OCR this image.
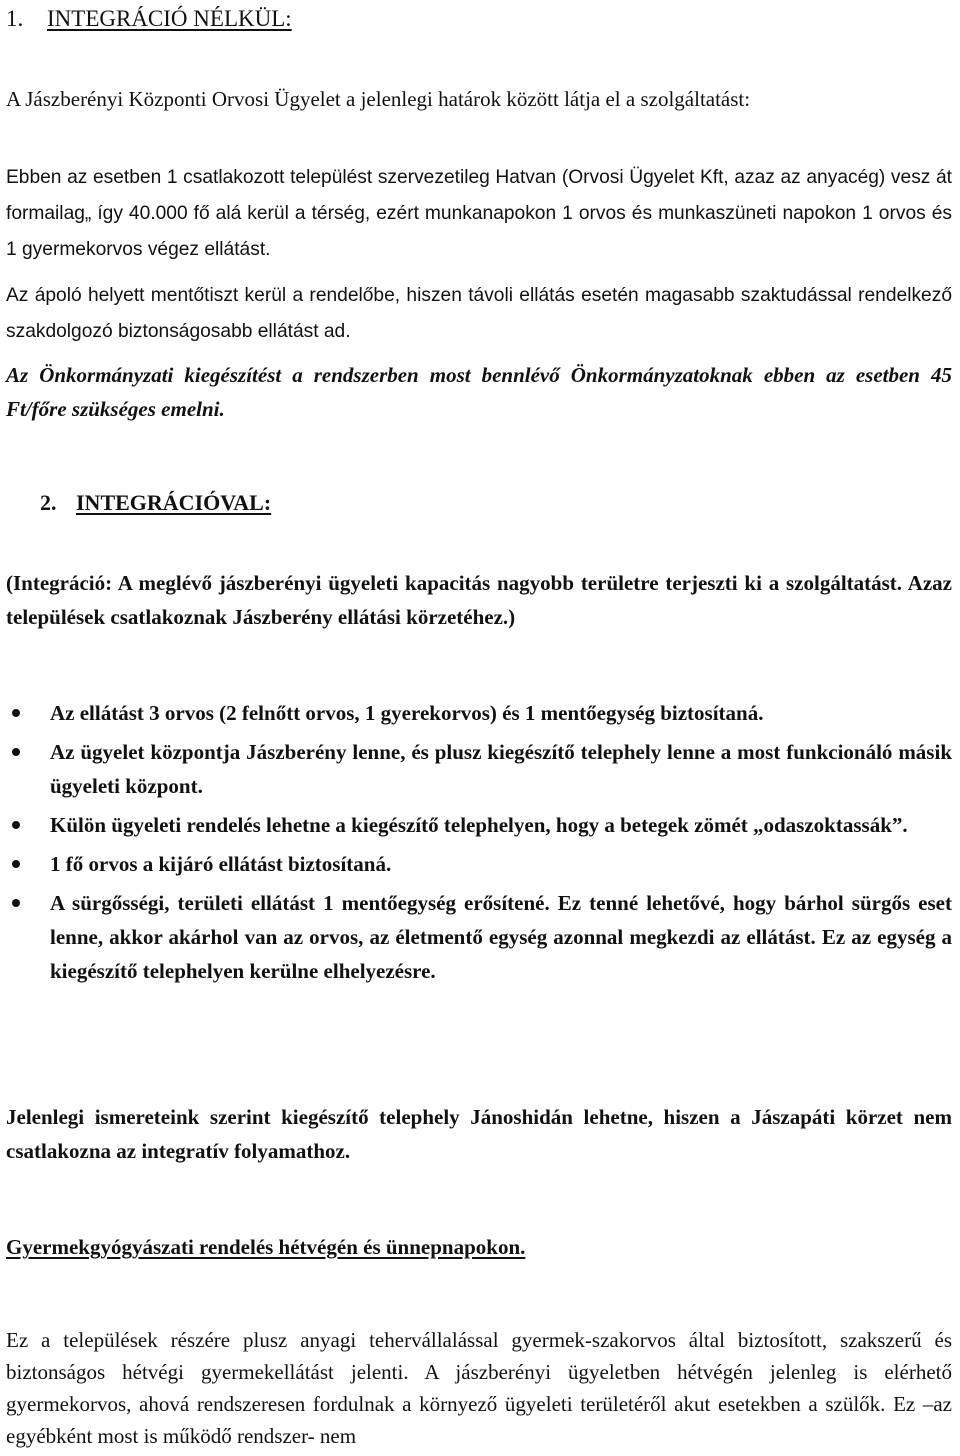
1. INTEGRÁCIÓ NÉLKÜL:

A Jászberényi Központi Orvosi Ügyelet a jelenlegi határok között látja el a szolgáltatást:

Ebben az esetben 1 csatlakozott települést szervezetileg Hatvan (Orvosi Ügyelet Kft, azaz az anyacég) vesz át formailag„ így 40.000 fő alá kerül a térség, ezért munkanapokon 1 orvos és munkaszüneti napokon 1 orvos és 1 gyermekorvos végez ellátást.

Az ápoló helyett mentőtiszt kerül a rendelőbe, hiszen távoli ellátás esetén magasabb szaktudással rendelkező szakdolgozó biztonságosabb ellátást ad.

Az Önkormányzati kiegészítést a rendszerben most bennlévő Önkormányzatoknak ebben az esetben 45 Ft/főre szükséges emelni.

2. INTEGRÁCIÓVAL:

(Integráció: A meglévő jászberényi ügyeleti kapacitás nagyobb területre terjeszti ki a szolgáltatást. Azaz települések csatlakoznak Jászberény ellátási körzetéhez.)

Az ellátást 3 orvos (2 felnőtt orvos, 1 gyerekorvos) és 1 mentőegység biztosítaná.
Az ügyelet központja Jászberény lenne, és plusz kiegészítő telephely lenne a most funkcionáló másik ügyeleti központ.
Külön ügyeleti rendelés lehetne a kiegészítő telephelyen, hogy a betegek zömét „odaszoktassák”.
1 fő orvos a kijáró ellátást biztosítaná.
A sürgősségi, területi ellátást 1 mentőegység erősítené. Ez tenné lehetővé, hogy bárhol sürgős eset lenne, akkor akárhol van az orvos, az életmentő egység azonnal megkezdi az ellátást. Ez az egység a kiegészítő telephelyen kerülne elhelyezésre.

Jelenlegi ismereteink szerint kiegészítő telephely Jánoshidán lehetne, hiszen a Jászapáti körzet nem csatlakozna az integratív folyamathoz.

Gyermekgyógyászati rendelés hétvégén és ünnepnapokon.

Ez a települések részére plusz anyagi tehervállalással gyermek-szakorvos által biztosított, szakszerű és biztonságos hétvégi gyermekellátást jelenti. A jászberényi ügyeletben hétvégén jelenleg is elérhető gyermekorvos, ahová rendszeresen fordulnak a környező ügyeleti területéről akut esetekben a szülők. Ez –az egyébként most is működő rendszer- nem
